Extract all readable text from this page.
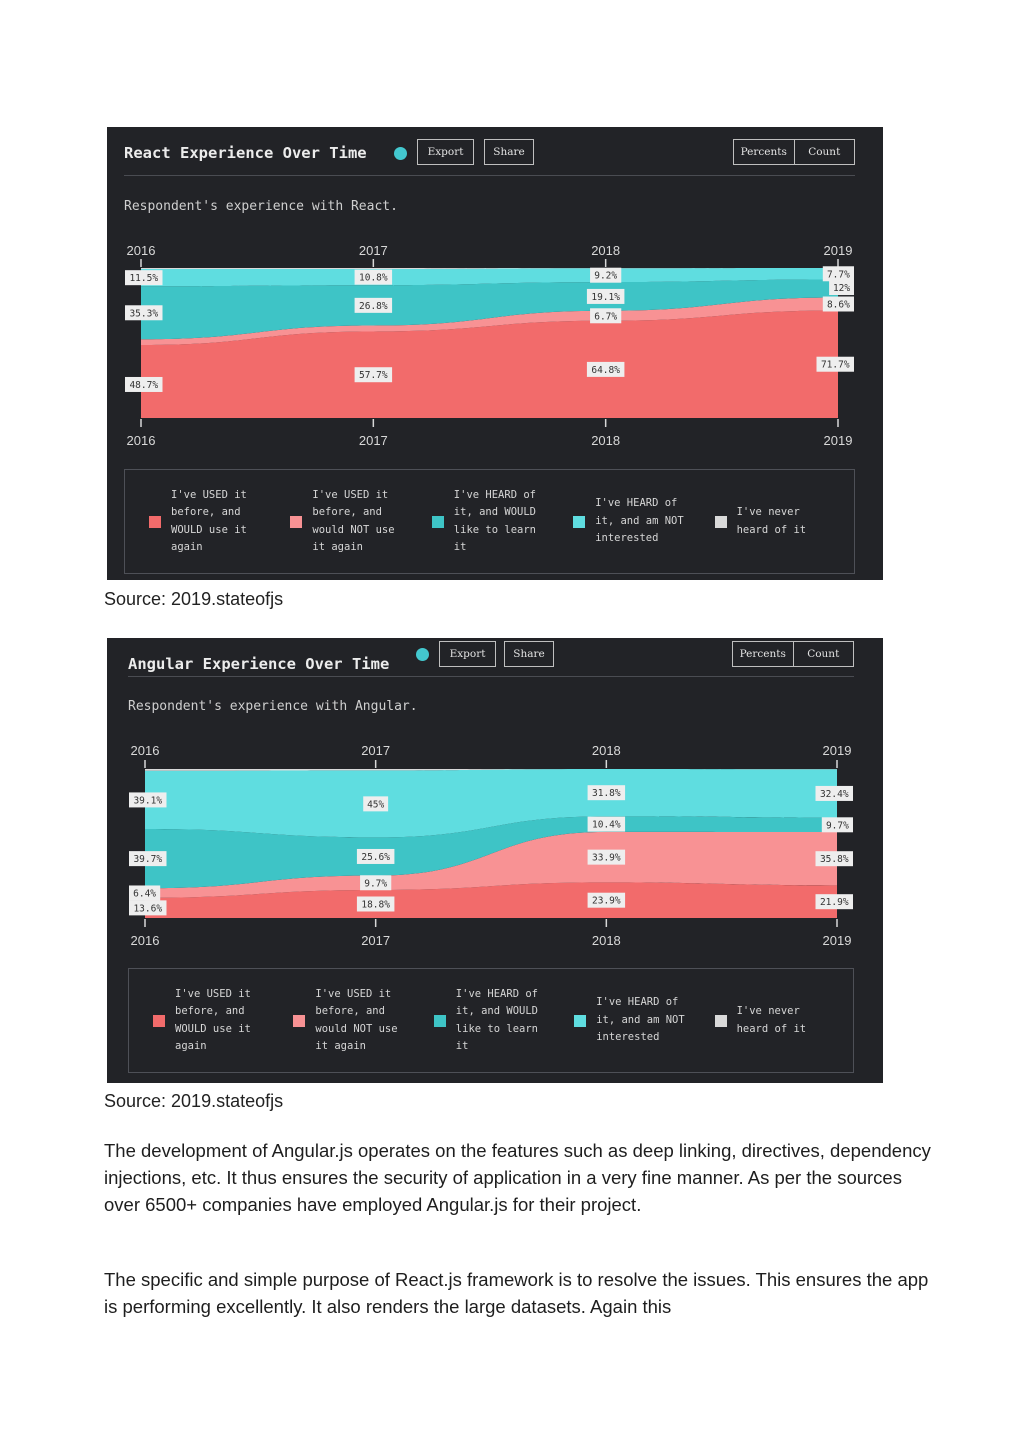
React Experience Over Time	Export	Share	Percents	Count
Respondent's experience with React.
2016
2016
2017
2017
2018
2018
2019
2019
48.7%
57.7%	64.8%	71.7%
6.7%
8.6%
35.3%
26.8%
19.1%
12%
11.5%	10.8%	9.2%	7.7%
I've USED it
before, and
WOULD use it
again
I've USED it
before, and
would NOT use
it again
I've HEARD of
it, and WOULD
like to learn
it
I've HEARD of
it, and am NOT
interested
I've never
heard of it
Source: 2019.stateofjs
Angular Experience Over Time
Export	Share	Percents	Count
Respondent's experience with Angular.
2016
2016
2017
2017
2018
2018
2019
2019
13.6%	18.8%	23.9%	21.9%
6.4%
9.7%
33.9%	35.8%
39.7%	25.6%
10.4%	9.7%
39.1%	45%
31.8%	32.4%
I've USED it
before, and
WOULD use it
again
I've USED it
before, and
would NOT use
it again
I've HEARD of
it, and WOULD
like to learn
it
I've HEARD of
it, and am NOT
interested
I've never
heard of it
Source: 2019.stateofjs

The development of Angular.js operates on the features such as deep linking, directives, dependency injections, etc. It thus ensures the security of application in a very fine manner. As per the sources over 6500+ companies have employed Angular.js for their project.

The specific and simple purpose of React.js framework is to resolve the issues. This ensures the app is performing excellently. It also renders the large datasets. Again this
